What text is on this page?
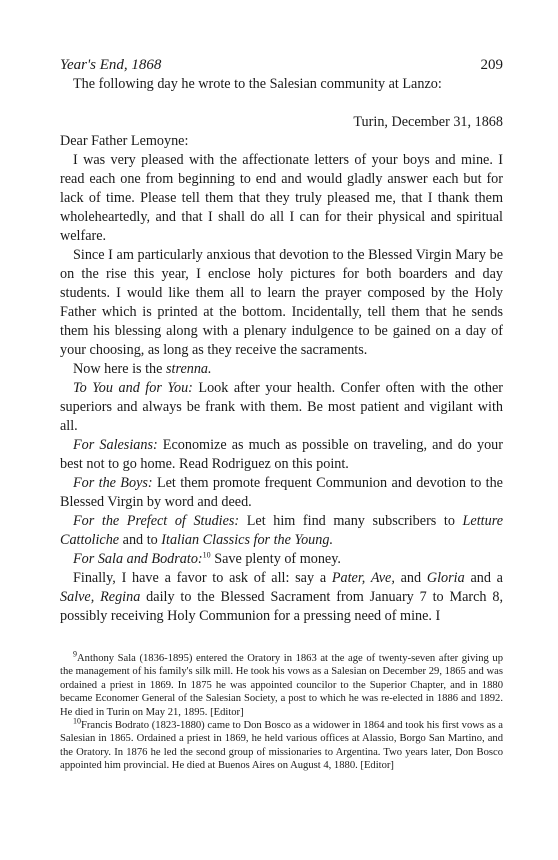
Year's End, 1868	209

The following day he wrote to the Salesian community at Lanzo:

Turin, December 31, 1868

Dear Father Lemoyne:

I was very pleased with the affectionate letters of your boys and mine. I read each one from beginning to end and would gladly answer each but for lack of time. Please tell them that they truly pleased me, that I thank them wholeheartedly, and that I shall do all I can for their physical and spiritual welfare.

Since I am particularly anxious that devotion to the Blessed Virgin Mary be on the rise this year, I enclose holy pictures for both boarders and day students. I would like them all to learn the prayer composed by the Holy Father which is printed at the bottom. Incidentally, tell them that he sends them his blessing along with a plenary indulgence to be gained on a day of your choosing, as long as they receive the sacraments.

Now here is the strenna.

To You and for You: Look after your health. Confer often with the other superiors and always be frank with them. Be most patient and vigilant with all.

For Salesians: Economize as much as possible on traveling, and do your best not to go home. Read Rodriguez on this point.

For the Boys: Let them promote frequent Communion and devotion to the Blessed Virgin by word and deed.

For the Prefect of Studies: Let him find many subscribers to Letture Cattoliche and to Italian Classics for the Young.

For Sala and Bodrato:$^{10}$ Save plenty of money.

Finally, I have a favor to ask of all: say a Pater, Ave, and Gloria and a Salve, Regina daily to the Blessed Sacrament from January 7 to March 8, possibly receiving Holy Communion for a pressing need of mine. I

$^9$Anthony Sala (1836-1895) entered the Oratory in 1863 at the age of twenty-seven after giving up the management of his family's silk mill. He took his vows as a Salesian on December 29, 1865 and was ordained a priest in 1869. In 1875 he was appointed councilor to the Superior Chapter, and in 1880 became Economer General of the Salesian Society, a post to which he was re-elected in 1886 and 1892. He died in Turin on May 21, 1895. [Editor]

$^{10}$Francis Bodrato (1823-1880) came to Don Bosco as a widower in 1864 and took his first vows as a Salesian in 1865. Ordained a priest in 1869, he held various offices at Alassio, Borgo San Martino, and the Oratory. In 1876 he led the second group of missionaries to Argentina. Two years later, Don Bosco appointed him provincial. He died at Buenos Aires on August 4, 1880. [Editor]
